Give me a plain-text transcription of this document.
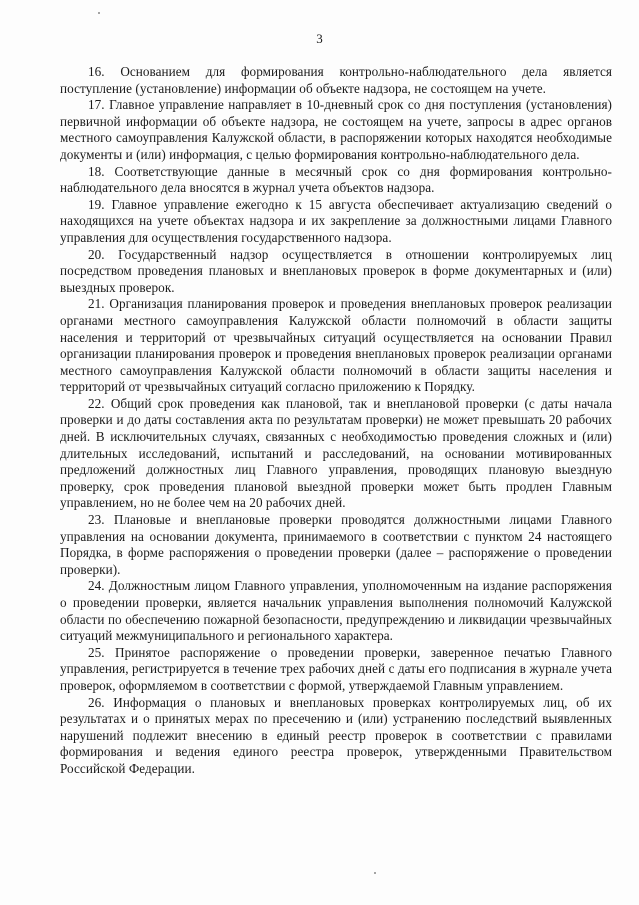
3

16. Основанием для формирования контрольно-наблюдательного дела является поступление (установление) информации об объекте надзора, не состоящем на учете.

17. Главное управление направляет в 10-дневный срок со дня поступления (установления) первичной информации об объекте надзора, не состоящем на учете, запросы в адрес органов местного самоуправления Калужской области, в распоряжении которых находятся необходимые документы и (или) информация, с целью формирования контрольно-наблюдательного дела.

18. Соответствующие данные в месячный срок со дня формирования контрольно-наблюдательного дела вносятся в журнал учета объектов надзора.

19. Главное управление ежегодно к 15 августа обеспечивает актуализацию сведений о находящихся на учете объектах надзора и их закрепление за должностными лицами Главного управления для осуществления государственного надзора.

20. Государственный надзор осуществляется в отношении контролируемых лиц посредством проведения плановых и внеплановых проверок в форме документарных и (или) выездных проверок.

21. Организация планирования проверок и проведения внеплановых проверок реализации органами местного самоуправления Калужской области полномочий в области защиты населения и территорий от чрезвычайных ситуаций осуществляется на основании Правил организации планирования проверок и проведения внеплановых проверок реализации органами местного самоуправления Калужской области полномочий в области защиты населения и территорий от чрезвычайных ситуаций согласно приложению к Порядку.

22. Общий срок проведения как плановой, так и внеплановой проверки (с даты начала проверки и до даты составления акта по результатам проверки) не может превышать 20 рабочих дней. В исключительных случаях, связанных с необходимостью проведения сложных и (или) длительных исследований, испытаний и расследований, на основании мотивированных предложений должностных лиц Главного управления, проводящих плановую выездную проверку, срок проведения плановой выездной проверки может быть продлен Главным управлением, но не более чем на 20 рабочих дней.

23. Плановые и внеплановые проверки проводятся должностными лицами Главного управления на основании документа, принимаемого в соответствии с пунктом 24 настоящего Порядка, в форме распоряжения о проведении проверки (далее – распоряжение о проведении проверки).

24. Должностным лицом Главного управления, уполномоченным на издание распоряжения о проведении проверки, является начальник управления выполнения полномочий Калужской области по обеспечению пожарной безопасности, предупреждению и ликвидации чрезвычайных ситуаций межмуниципального и регионального характера.

25. Принятое распоряжение о проведении проверки, заверенное печатью Главного управления, регистрируется в течение трех рабочих дней с даты его подписания в журнале учета проверок, оформляемом в соответствии с формой, утверждаемой Главным управлением.

26. Информация о плановых и внеплановых проверках контролируемых лиц, об их результатах и о принятых мерах по пресечению и (или) устранению последствий выявленных нарушений подлежит внесению в единый реестр проверок в соответствии с правилами формирования и ведения единого реестра проверок, утвержденными Правительством Российской Федерации.
